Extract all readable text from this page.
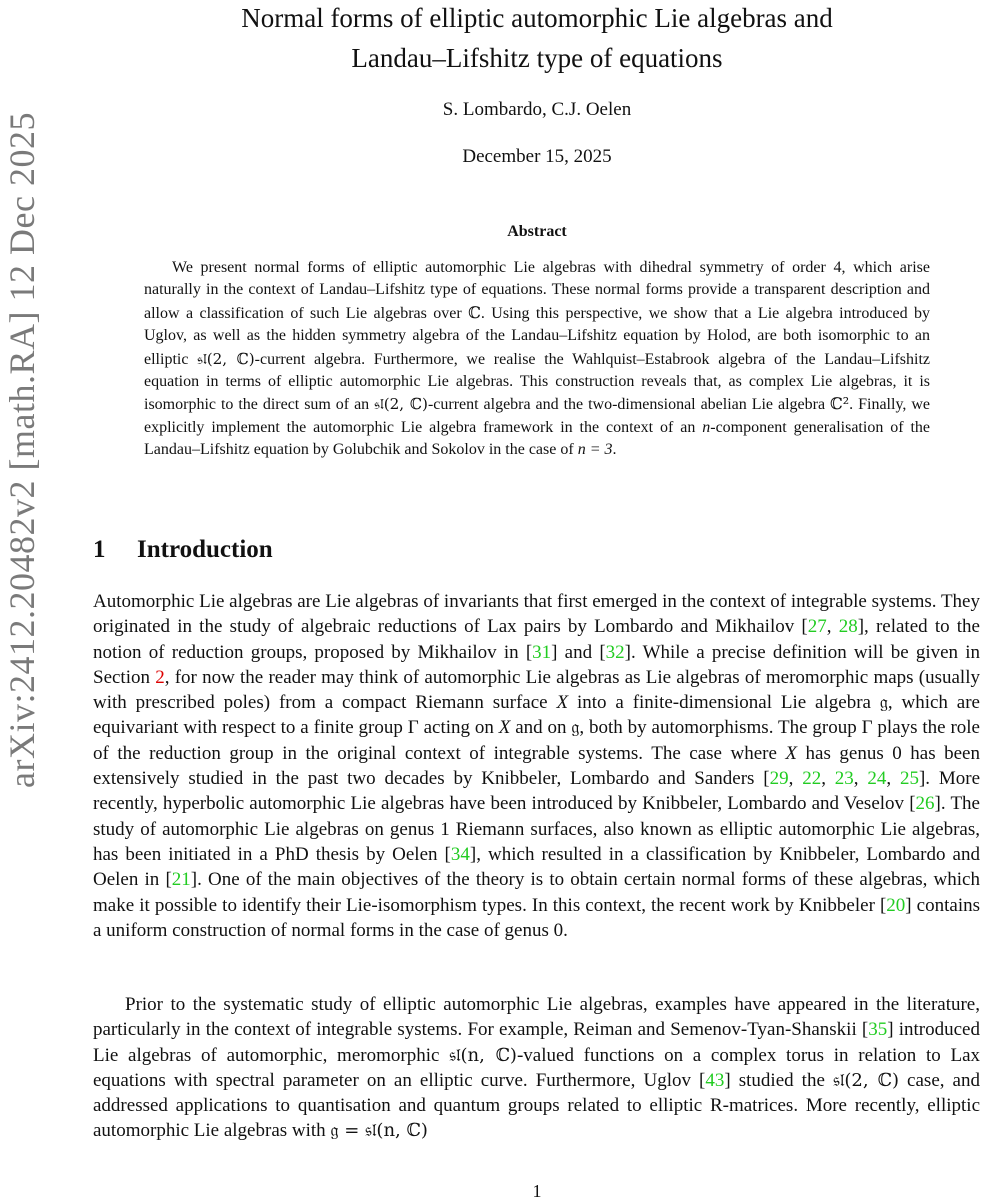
arXiv:2412.20482v2 [math.RA] 12 Dec 2025
Normal forms of elliptic automorphic Lie algebras and
Landau–Lifshitz type of equations
S. Lombardo, C.J. Oelen
December 15, 2025
Abstract

We present normal forms of elliptic automorphic Lie algebras with dihedral symmetry of order 4, which arise naturally in the context of Landau–Lifshitz type of equations. These normal forms provide a transparent description and allow a classification of such Lie algebras over ℂ. Using this perspective, we show that a Lie algebra introduced by Uglov, as well as the hidden symmetry algebra of the Landau–Lifshitz equation by Holod, are both isomorphic to an elliptic 𝔰𝔩(2, ℂ)-current algebra. Furthermore, we realise the Wahlquist–Estabrook algebra of the Landau–Lifshitz equation in terms of elliptic automorphic Lie algebras. This construction reveals that, as complex Lie algebras, it is isomorphic to the direct sum of an 𝔰𝔩(2, ℂ)-current algebra and the two-dimensional abelian Lie algebra ℂ². Finally, we explicitly implement the automorphic Lie algebra framework in the context of an n-component generalisation of the Landau–Lifshitz equation by Golubchik and Sokolov in the case of n = 3.

1 Introduction

Automorphic Lie algebras are Lie algebras of invariants that first emerged in the context of integrable systems. They originated in the study of algebraic reductions of Lax pairs by Lombardo and Mikhailov [27, 28], related to the notion of reduction groups, proposed by Mikhailov in [31] and [32]. While a precise definition will be given in Section 2, for now the reader may think of automorphic Lie algebras as Lie algebras of meromorphic maps (usually with prescribed poles) from a compact Riemann surface X into a finite-dimensional Lie algebra 𝔤, which are equivariant with respect to a finite group Γ acting on X and on 𝔤, both by automorphisms. The group Γ plays the role of the reduction group in the original context of integrable systems. The case where X has genus 0 has been extensively studied in the past two decades by Knibbeler, Lombardo and Sanders [29, 22, 23, 24, 25]. More recently, hyperbolic automorphic Lie algebras have been introduced by Knibbeler, Lombardo and Veselov [26]. The study of automorphic Lie algebras on genus 1 Riemann surfaces, also known as elliptic automorphic Lie algebras, has been initiated in a PhD thesis by Oelen [34], which resulted in a classification by Knibbeler, Lombardo and Oelen in [21]. One of the main objectives of the theory is to obtain certain normal forms of these algebras, which make it possible to identify their Lie-isomorphism types. In this context, the recent work by Knibbeler [20] contains a uniform construction of normal forms in the case of genus 0.

Prior to the systematic study of elliptic automorphic Lie algebras, examples have appeared in the literature, particularly in the context of integrable systems. For example, Reiman and Semenov-Tyan-Shanskii [35] introduced Lie algebras of automorphic, meromorphic 𝔰𝔩(n, ℂ)-valued functions on a complex torus in relation to Lax equations with spectral parameter on an elliptic curve. Furthermore, Uglov [43] studied the 𝔰𝔩(2, ℂ) case, and addressed applications to quantisation and quantum groups related to elliptic R-matrices. More recently, elliptic automorphic Lie algebras with 𝔤 = 𝔰𝔩(n, ℂ)

1
